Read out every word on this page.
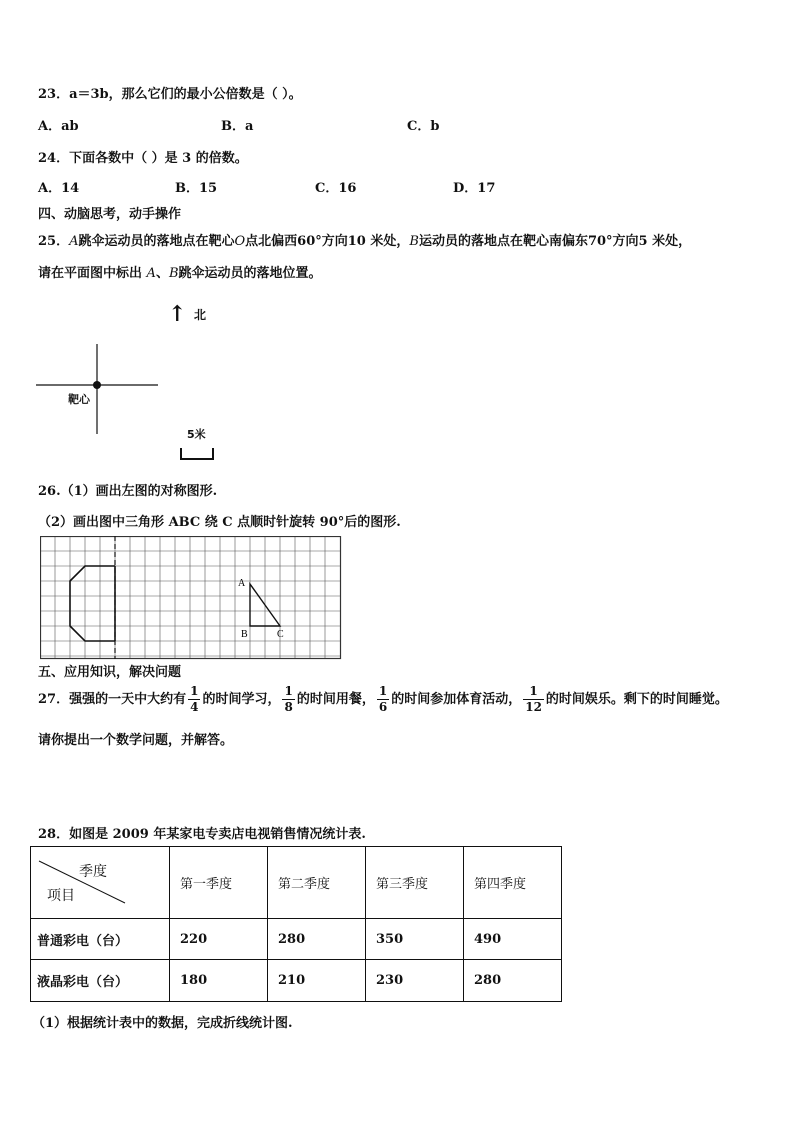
23．a＝3b，那么它们的最小公倍数是（ ）。
A．ab	B．a	C．b
24．下面各数中（ ）是 3 的倍数。
A．14	B．15	C．16	D．17
四、动脑思考，动手操作
25．A跳伞运动员的落地点在靶心O点北偏西60°方向10 米处，B运动员的落地点在靶心南偏东70°方向5 米处，
请在平面图中标出 A、B跳伞运动员的落地位置。
↑ 北
靶心
5米
26.（1）画出左图的对称图形.
（2）画出图中三角形 ABC 绕 C 点顺时针旋转 90°后的图形.
A
B	C
五、应用知识，解决问题
27．强强的一天中大约有 $\frac{1}{4}$ 的时间学习， $\frac{1}{8}$ 的时间用餐， $\frac{1}{6}$ 的时间参加体育活动， $\frac{1}{12}$ 的时间娱乐。剩下的时间睡觉。
请你提出一个数学问题，并解答。
28．如图是 2009 年某家电专卖店电视销售情况统计表.
季度
项目	第一季度	第二季度	第三季度	第四季度
普通彩电（台）	220	280	350	490
液晶彩电（台）	180	210	230	280
（1）根据统计表中的数据，完成折线统计图.
